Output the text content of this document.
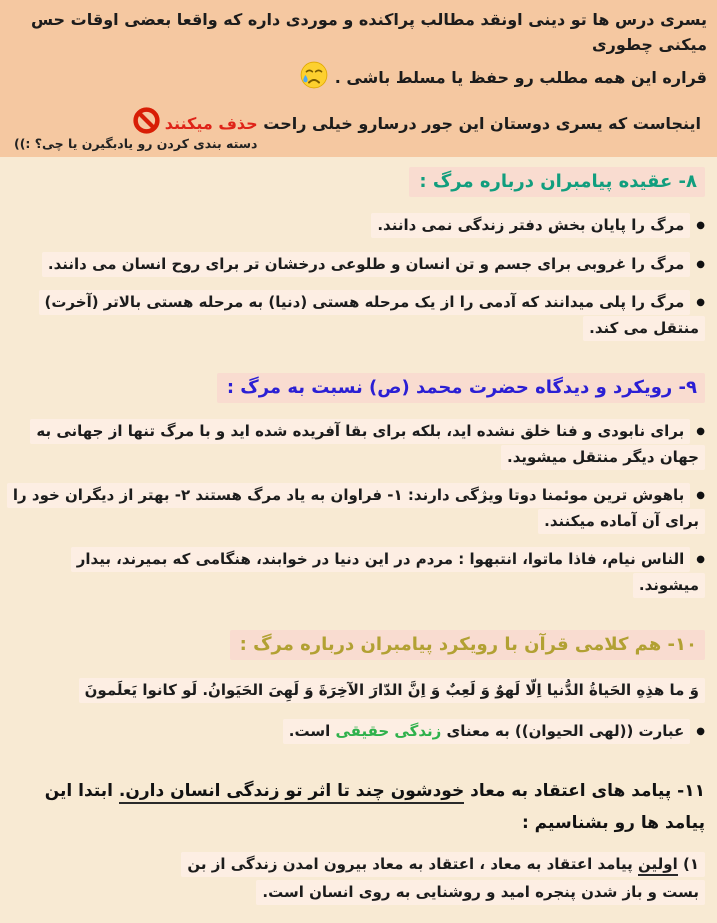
یسری درس ها تو دینی اونقد مطالب پراکنده و موردی داره که واقعا بعضی اوقات حس میکنی چطوری
قراره این همه مطلب رو حفظ یا مسلط باشی .
اینجاست که یسری دوستان این جور درسارو خیلی راحت حذف میکنند
دسته بندی کردن رو یادبگیرن یا چی؟ :))
۸- عقیده پیامبران درباره مرگ :
●مرگ را پایان بخش دفتر زندگی نمی دانند.
●مرگ را غروبی برای جسم و تن انسان و طلوعی درخشان تر برای روح انسان می دانند.
●مرگ را پلی میدانند که آدمی را از یک مرحله هستی (دنیا) به مرحله هستی بالاتر (آخرت) منتقل می کند.
۹- رویکرد و دیدگاه حضرت محمد (ص) نسبت به مرگ :
●برای نابودی و فنا خلق نشده اید، بلکه برای بقا آفریده شده اید و با مرگ تنها از جهانی به جهان دیگر منتقل میشوید.
●باهوش ترین موئمنا دوتا ویژگی دارند: ۱- فراوان به یاد مرگ هستند ۲- بهتر از دیگران خود را برای آن آماده میکنند.
●الناس نیام، فاذا ماتوا، انتبهوا : مردم در این دنیا در خوابند، هنگامی که بمیرند، بیدار میشوند.
۱۰- هم کلامی قرآن با رویکرد پیامبران درباره مرگ :
وَ ما هذِهِ الحَیاةُ الدُّنیا اِلّا لَهوٌ وَ لَعِبٌ وَ اِنَّ الدّارَ الآخِرَةَ وَ لَهِیَ الحَیَوانُ. لَو کانوا یَعلَمونَ
●عبارت ((لهی الحیوان)) به معنای زندگی حقیقی است.
۱۱- پیامد های اعتقاد به معاد خودشون چند تا اثر تو زندگی انسان دارن. ابتدا این پیامد ها رو بشناسیم :
۱) اولین پیامد اعتقاد به معاد ، اعتقاد به معاد بیرون امدن زندگی از بن بست و باز شدن پنجره امید و روشنایی به روی انسان است.
